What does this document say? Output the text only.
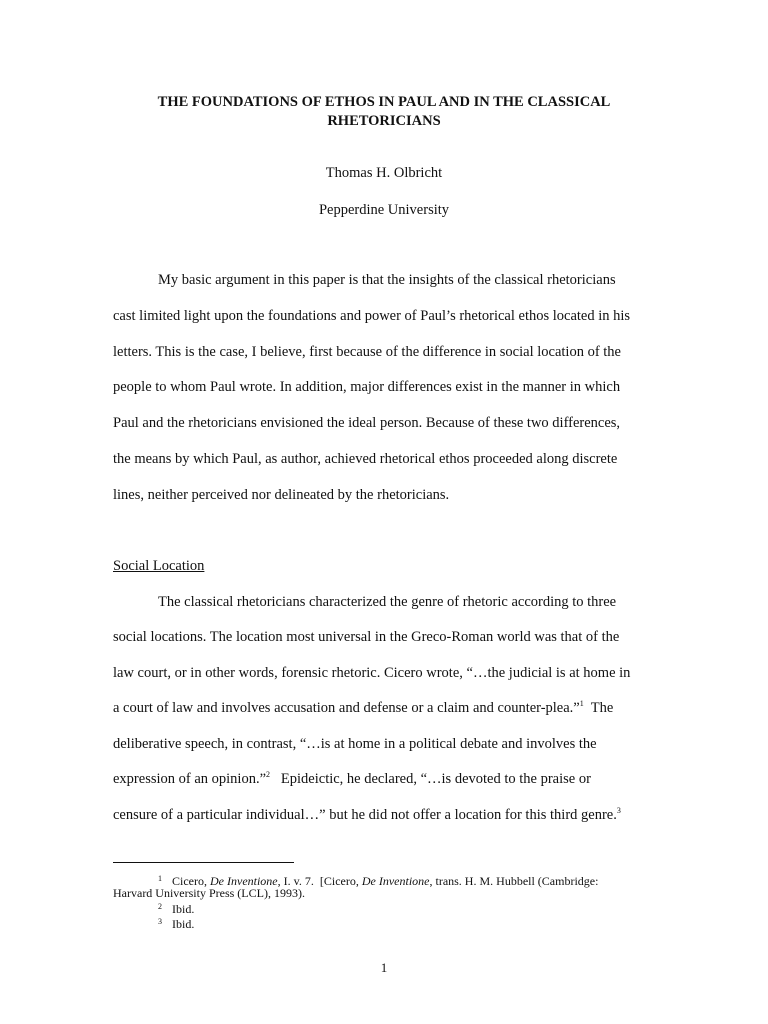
THE FOUNDATIONS OF ETHOS IN PAUL AND IN THE CLASSICAL
RHETORICIANS
Thomas H. Olbricht
Pepperdine University
My basic argument in this paper is that the insights of the classical rhetoricians
cast limited light upon the foundations and power of Paul’s rhetorical ethos located in his
letters. This is the case, I believe, first because of the difference in social location of the
people to whom Paul wrote. In addition, major differences exist in the manner in which
Paul and the rhetoricians envisioned the ideal person. Because of these two differences,
the means by which Paul, as author, achieved rhetorical ethos proceeded along discrete
lines, neither perceived nor delineated by the rhetoricians.
Social Location
The classical rhetoricians characterized the genre of rhetoric according to three
social locations. The location most universal in the Greco-Roman world was that of the
law court, or in other words, forensic rhetoric. Cicero wrote, “…the judicial is at home in
a court of law and involves accusation and defense or a claim and counter-plea.”$^1$  The
deliberative speech, in contrast, “…is at home in a political debate and involves the
expression of an opinion.”$^2$   Epideictic, he declared, “…is devoted to the praise or
censure of a particular individual…” but he did not offer a location for this third genre.$^3$
$^1$ Cicero, De Inventione, I. v. 7.  [Cicero, De Inventione, trans. H. M. Hubbell (Cambridge:
Harvard University Press (LCL), 1993).
$^2$ Ibid.
$^3$ Ibid.
1
